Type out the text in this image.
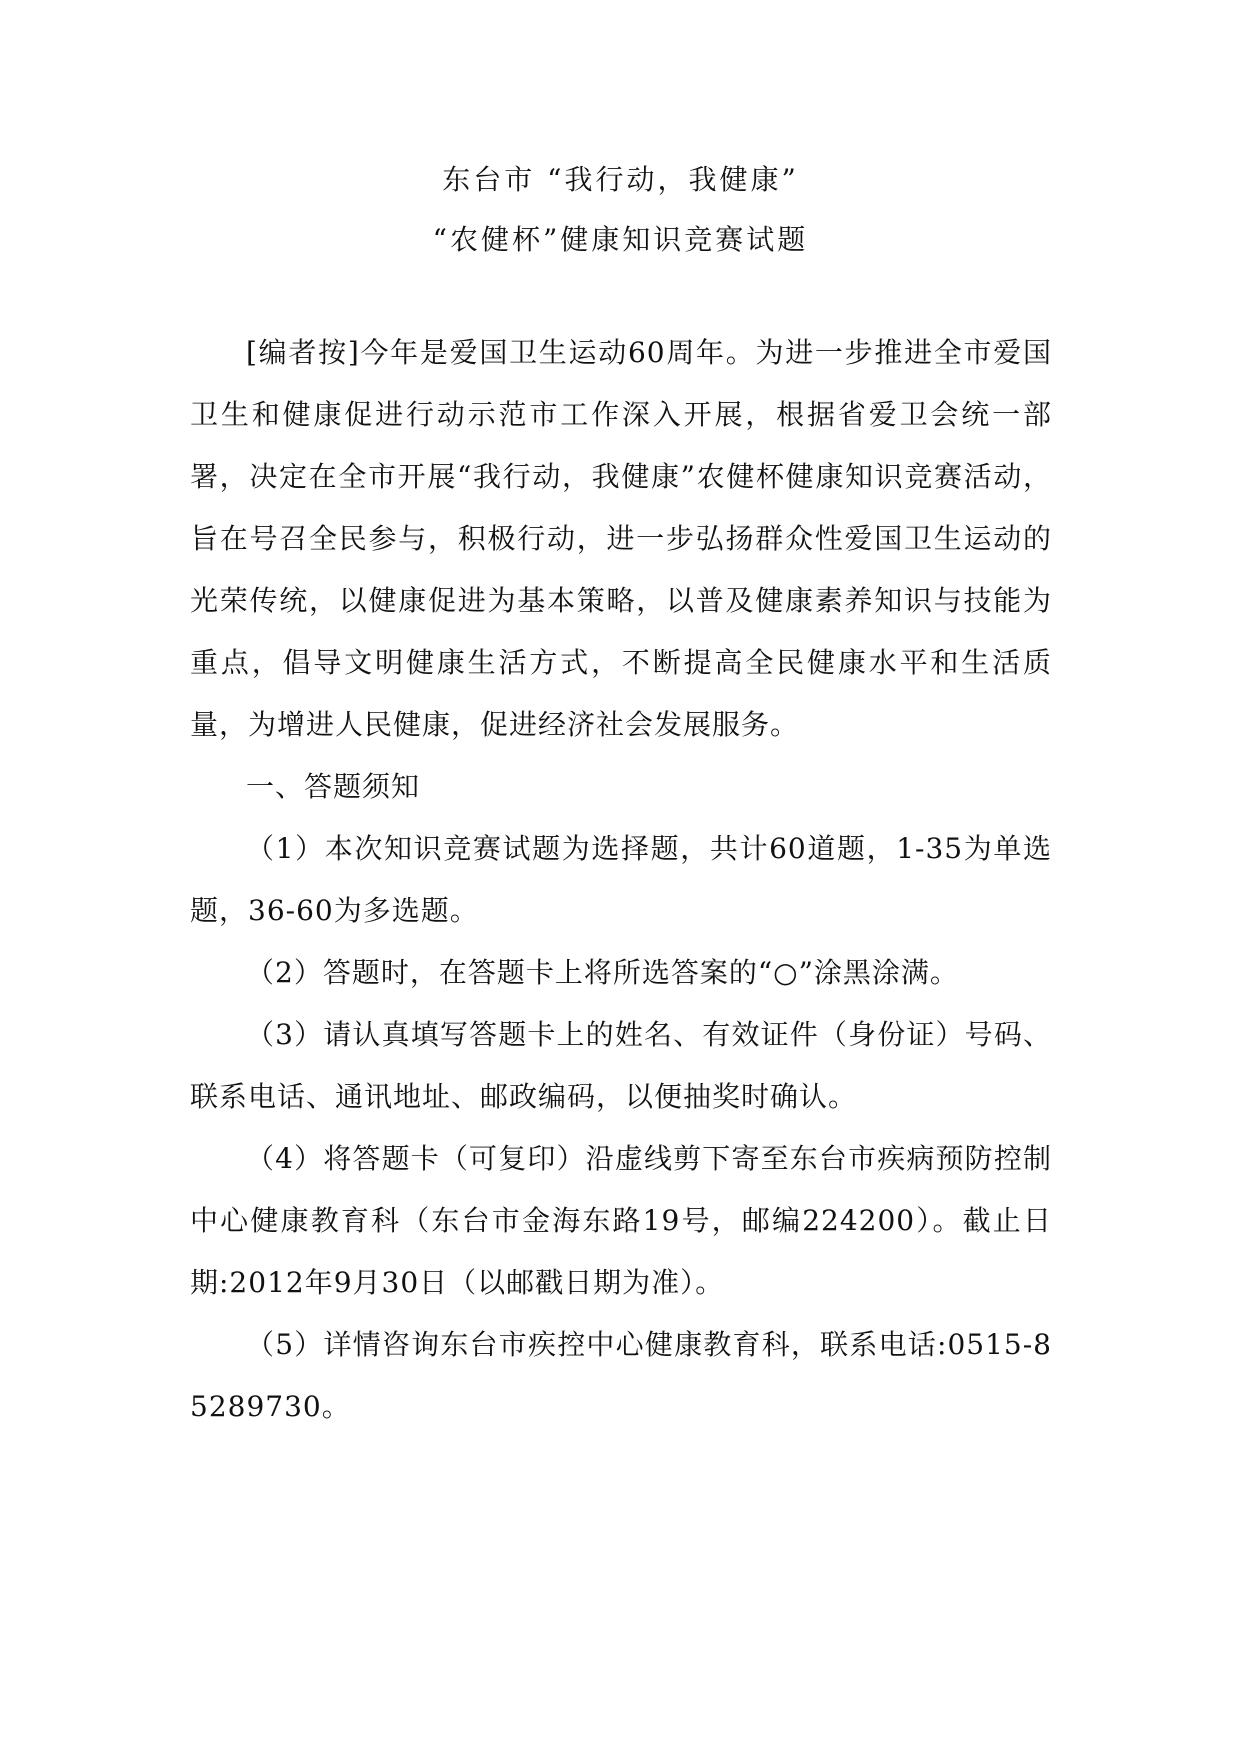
东台市 “我行动，我健康”
“农健杯”健康知识竞赛试题

[编者按]今年是爱国卫生运动60周年。为进一步推进全市爱国卫生和健康促进行动示范市工作深入开展，根据省爱卫会统一部署，决定在全市开展“我行动，我健康”农健杯健康知识竞赛活动，旨在号召全民参与，积极行动，进一步弘扬群众性爱国卫生运动的光荣传统，以健康促进为基本策略，以普及健康素养知识与技能为重点，倡导文明健康生活方式，不断提高全民健康水平和生活质量，为增进人民健康，促进经济社会发展服务。

一、答题须知

（1）本次知识竞赛试题为选择题，共计60道题，1-35为单选题，36-60为多选题。

（2）答题时，在答题卡上将所选答案的“○”涂黑涂满。

（3）请认真填写答题卡上的姓名、有效证件（身份证）号码、联系电话、通讯地址、邮政编码，以便抽奖时确认。

（4）将答题卡（可复印）沿虚线剪下寄至东台市疾病预防控制中心健康教育科（东台市金海东路19号，邮编224200）。截止日期:2012年9月30日（以邮戳日期为准）。

（5）详情咨询东台市疾控中心健康教育科，联系电话:0515-85289730。
